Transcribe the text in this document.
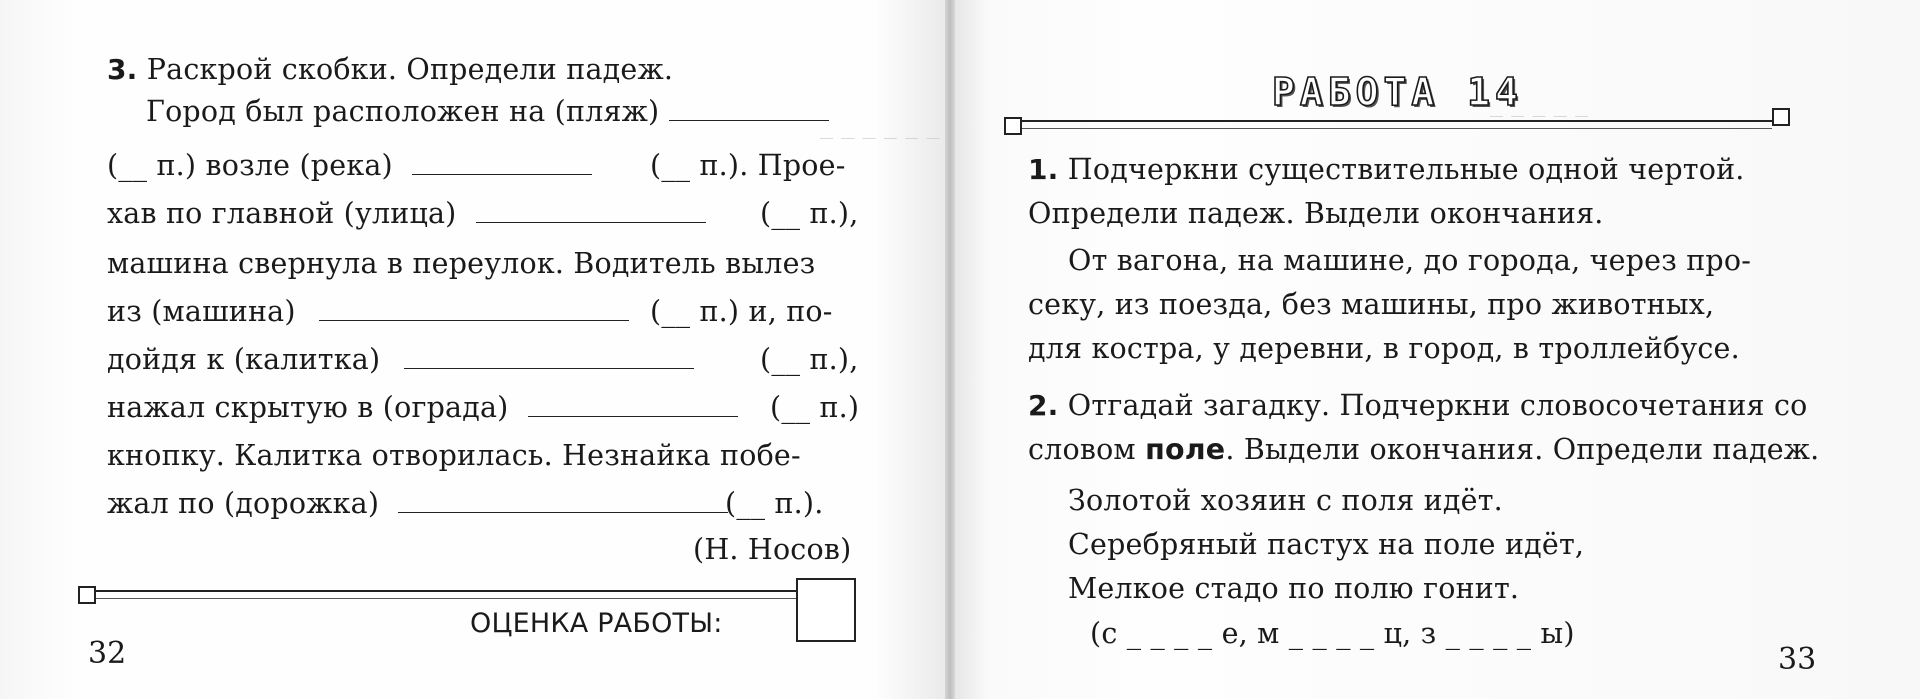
_ _ _ _ _ _
_ _ _ _ _
3. Раскрой скобки. Определи падеж.
Город был расположен на (пляж)
(__ п.) возле (река)	(__ п.). Прое-
хав по главной (улица)	(__ п.),
машина свернула в переулок. Водитель вылез
из (машина)	(__ п.) и, по-
дойдя к (калитка)	(__ п.),
нажал скрытую в (ограда)	(__ п.)
кнопку. Калитка отворилась. Незнайка побе-
жал по (дорожка)	(__ п.).
(Н. Носов)
ОЦЕНКА РАБОТЫ:
32
РАБОТА 14
1. Подчеркни существительные одной чертой.
Определи падеж. Выдели окончания.
От вагона, на машине, до города, через про-
секу, из поезда, без машины, про животных,
для костра, у деревни, в город, в троллейбусе.
2. Отгадай загадку. Подчеркни словосочетания со
словом поле. Выдели окончания. Определи падеж.
Золотой хозяин с поля идёт.
Серебряный пастух на поле идёт,
Мелкое стадо по полю гонит.
(с _ _ _ _ е, м _ _ _ _ ц, з _ _ _ _ ы)
33
